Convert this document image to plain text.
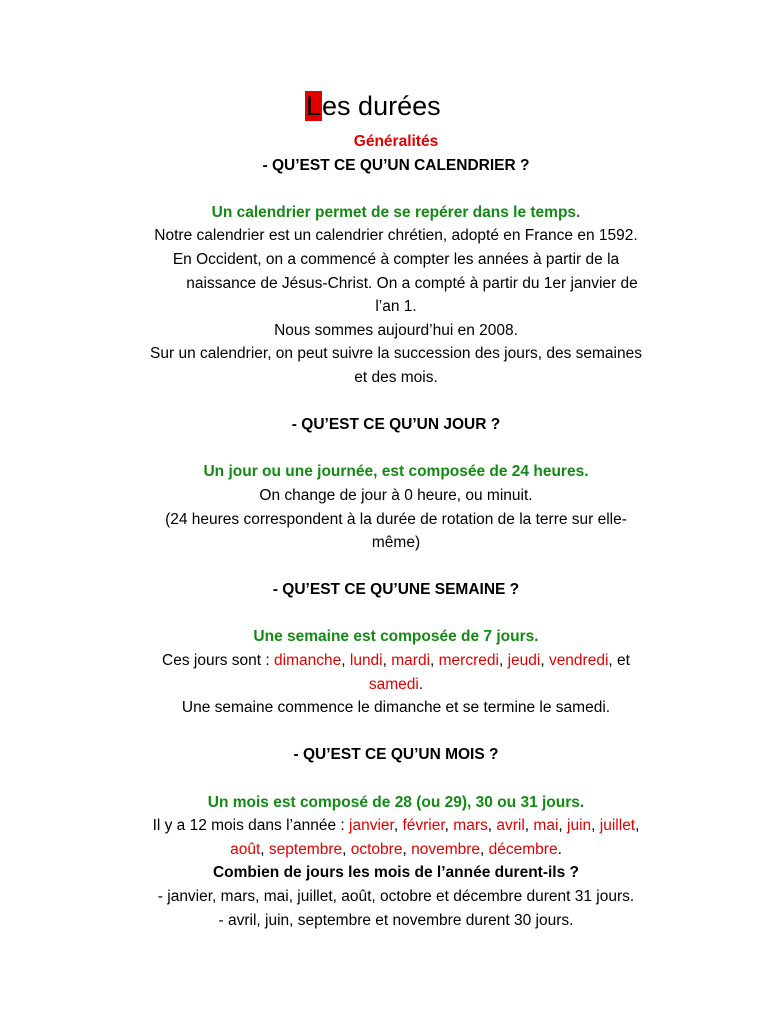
Les durées

Généralités

- QU’EST CE QU’UN CALENDRIER ?

Un calendrier permet de se repérer dans le temps.

Notre calendrier est un calendrier chrétien, adopté en France en 1592.

En Occident, on a commencé à compter les années à partir de la

naissance de Jésus-Christ. On a compté à partir du 1er janvier de

l’an 1.

Nous sommes aujourd’hui en 2008.

Sur un calendrier, on peut suivre la succession des jours, des semaines

et des mois.

- QU’EST CE QU’UN JOUR ?

Un jour ou une journée, est composée de 24 heures.

On change de jour à 0 heure, ou minuit.

(24 heures correspondent à la durée de rotation de la terre sur elle-

même)

- QU’EST CE QU’UNE SEMAINE ?

Une semaine est composée de 7 jours.

Ces jours sont : dimanche, lundi, mardi, mercredi, jeudi, vendredi, et

samedi.

Une semaine commence le dimanche et se termine le samedi.

- QU’EST CE QU’UN MOIS ?

Un mois est composé de 28 (ou 29), 30 ou 31 jours.

Il y a 12 mois dans l’année : janvier, février, mars, avril, mai, juin, juillet,

août, septembre, octobre, novembre, décembre.

Combien de jours les mois de l’année durent-ils ?

- janvier, mars, mai, juillet, août, octobre et décembre durent 31 jours.

- avril, juin, septembre et novembre durent 30 jours.
